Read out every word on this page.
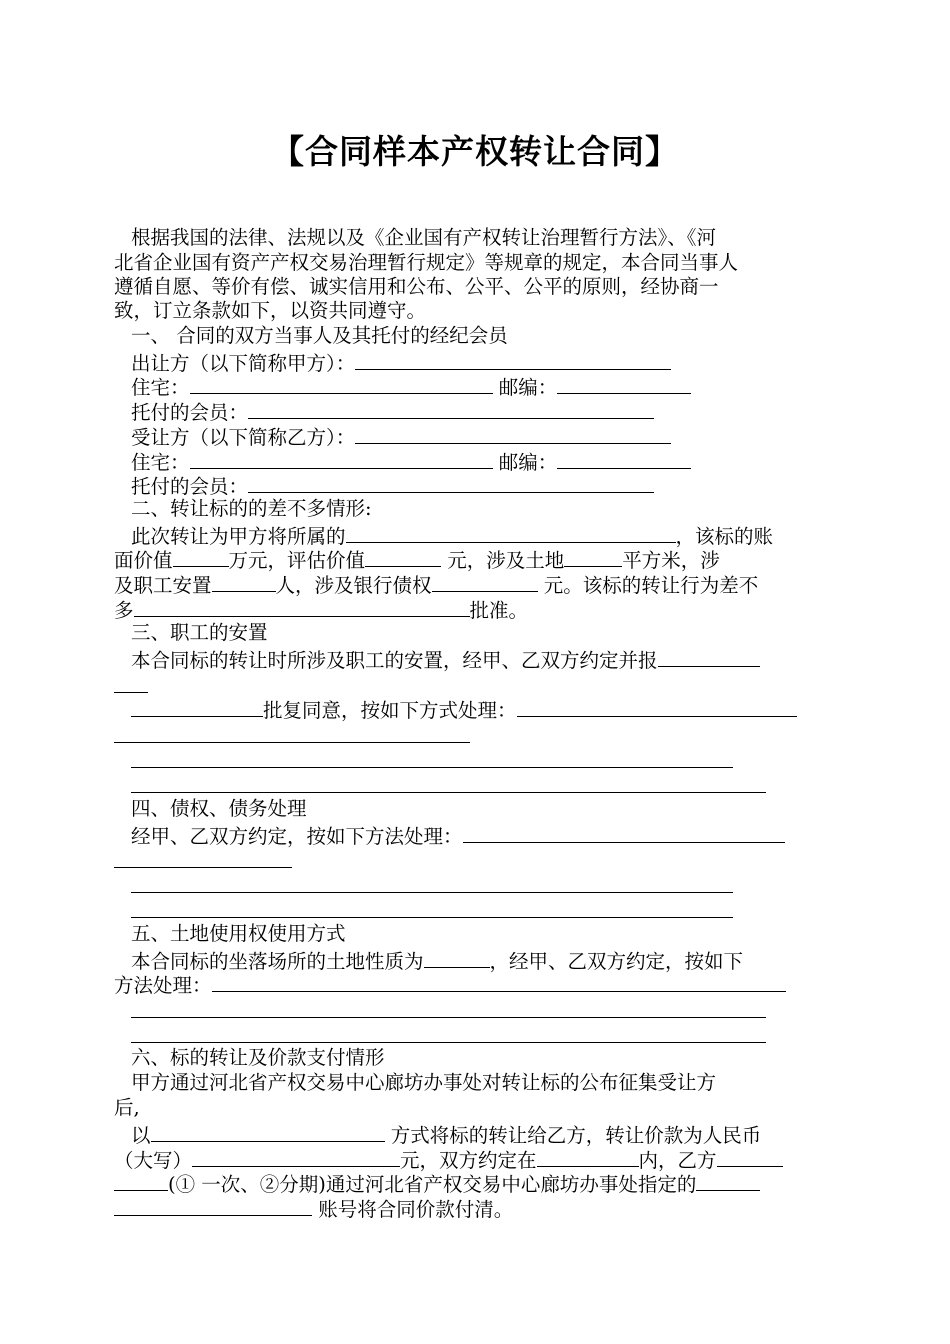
【合同样本产权转让合同】
根据我国的法律、法规以及《企业国有产权转让治理暂行方法》、《河
北省企业国有资产产权交易治理暂行规定》等规章的规定，本合同当事人
遵循自愿、等价有偿、诚实信用和公布、公平、公平的原则，经协商一
致，订立条款如下，以资共同遵守。
一、 合同的双方当事人及其托付的经纪会员
出让方（以下简称甲方）：
住宅：	邮编：
托付的会员：
受让方（以下简称乙方）：
住宅：	邮编：
托付的会员：
二、转让标的的差不多情形:
此次转让为甲方将所属的	，该标的账
面价值	万元，评估价值	元，涉及土地	平方米，涉
及职工安置	人，涉及银行债权	元。该标的转让行为差不
多	批准。
三、职工的安置
本合同标的转让时所涉及职工的安置，经甲、乙双方约定并报
批复同意，按如下方式处理：
四、债权、债务处理
经甲、乙双方约定，按如下方法处理：
五、土地使用权使用方式
本合同标的坐落场所的土地性质为	，经甲、乙双方约定，按如下
方法处理：
六、标的转让及价款支付情形
甲方通过河北省产权交易中心廊坊办事处对转让标的公布征集受让方
后,
以	方式将标的转让给乙方，转让价款为人民币
（大写）	元，双方约定在	内，乙方
(① 一次、②分期)通过河北省产权交易中心廊坊办事处指定的
账号将合同价款付清。
